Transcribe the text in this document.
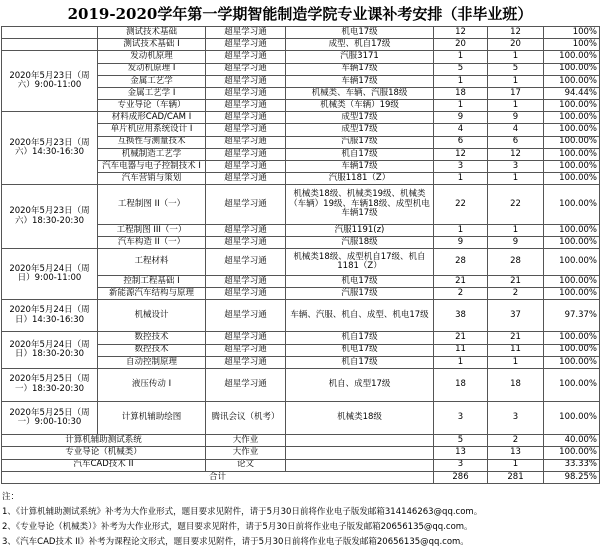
2019-2020学年第一学期智能制造学院专业课补考安排（非毕业班）
	测试技术基础	超星学习通	机电17级	12	12	100%
	测试技术基础 I	超星学习通	成型、机自17级	20	20	100%
2020年5月23日（周六）9:00-11:00	发动机原理	超星学习通	汽服3171	1	1	100.00%
	发动机原理 I	超星学习通	车辆17级	5	5	100.00%
	金属工艺学	超星学习通	车辆17级	1	1	100.00%
	金属工艺学 I	超星学习通	机械类、车辆、汽服18级	18	17	94.44%
	专业导论（车辆）	超星学习通	机械类（车辆）19级	1	1	100.00%
2020年5月23日（周六）14:30-16:30	材料成形CAD/CAM I	超星学习通	成型17级	9	9	100.00%
	单片机应用系统设计 I	超星学习通	成型17级	4	4	100.00%
	互换性与测量技术	超星学习通	汽服17级	6	6	100.00%
	机械制造工艺学	超星学习通	机自17级	12	12	100.00%
	汽车电器与电子控制技术 I	超星学习通	车辆17级	3	3	100.00%
	汽车营销与策划	超星学习通	汽服1181（Z）	1	1	100.00%
2020年5月23日（周六）18:30-20:30	工程制图 II（一）	超星学习通	机械类18级、机械类19级、机械类（车辆）19级、车辆18级、成型机电车辆17级	22	22	100.00%
	工程制图 III（一）	超星学习通	汽服1191(z)	1	1	100.00%
	汽车构造 II（一）	超星学习通	汽服18级	9	9	100.00%
2020年5月24日（周日）9:00-11:00	工程材料	超星学习通	机械类18级、成型机自17级、机自1181（Z）	28	28	100.00%
	控制工程基础 I	超星学习通	机电17级	21	21	100.00%
	新能源汽车结构与原理	超星学习通	汽服17级	2	2	100.00%
2020年5月24日（周日）14:30-16:30	机械设计	超星学习通	车辆、汽服、机自、成型、机电17级	38	37	97.37%
2020年5月24日（周日）18:30-20:30	数控技术	超星学习通	机自17级	21	21	100.00%
	数控技术	超星学习通	机电17级	11	11	100.00%
	自动控制原理	超星学习通	机自17级	1	1	100.00%
2020年5月25日（周一）18:30-20:30	液压传动 I	超星学习通	机自、成型17级	18	18	100.00%
2020年5月25日（周一）9:00-10:30	计算机辅助绘图	腾讯会议（机考）	机械类18级	3	3	100.00%
计算机辅助测试系统		大作业		5	2	40.00%
专业导论（机械类）		大作业		13	13	100.00%
汽车CAD技术 II		论文		3	1	33.33%
合计				286	281	98.25%
注：
1、《计算机辅助测试系统》补考为大作业形式，题目要求见附件，请于5月30日前将作业电子版发邮箱314146263@qq.com。
2、《专业导论（机械类）》补考为大作业形式，题目要求见附件，请于5月30日前将作业电子版发邮箱20656135@qq.com。
3、《汽车CAD技术 II》补考为课程论文形式，题目要求见附件，请于5月30日前将作业电子版发邮箱20656135@qq.com。
